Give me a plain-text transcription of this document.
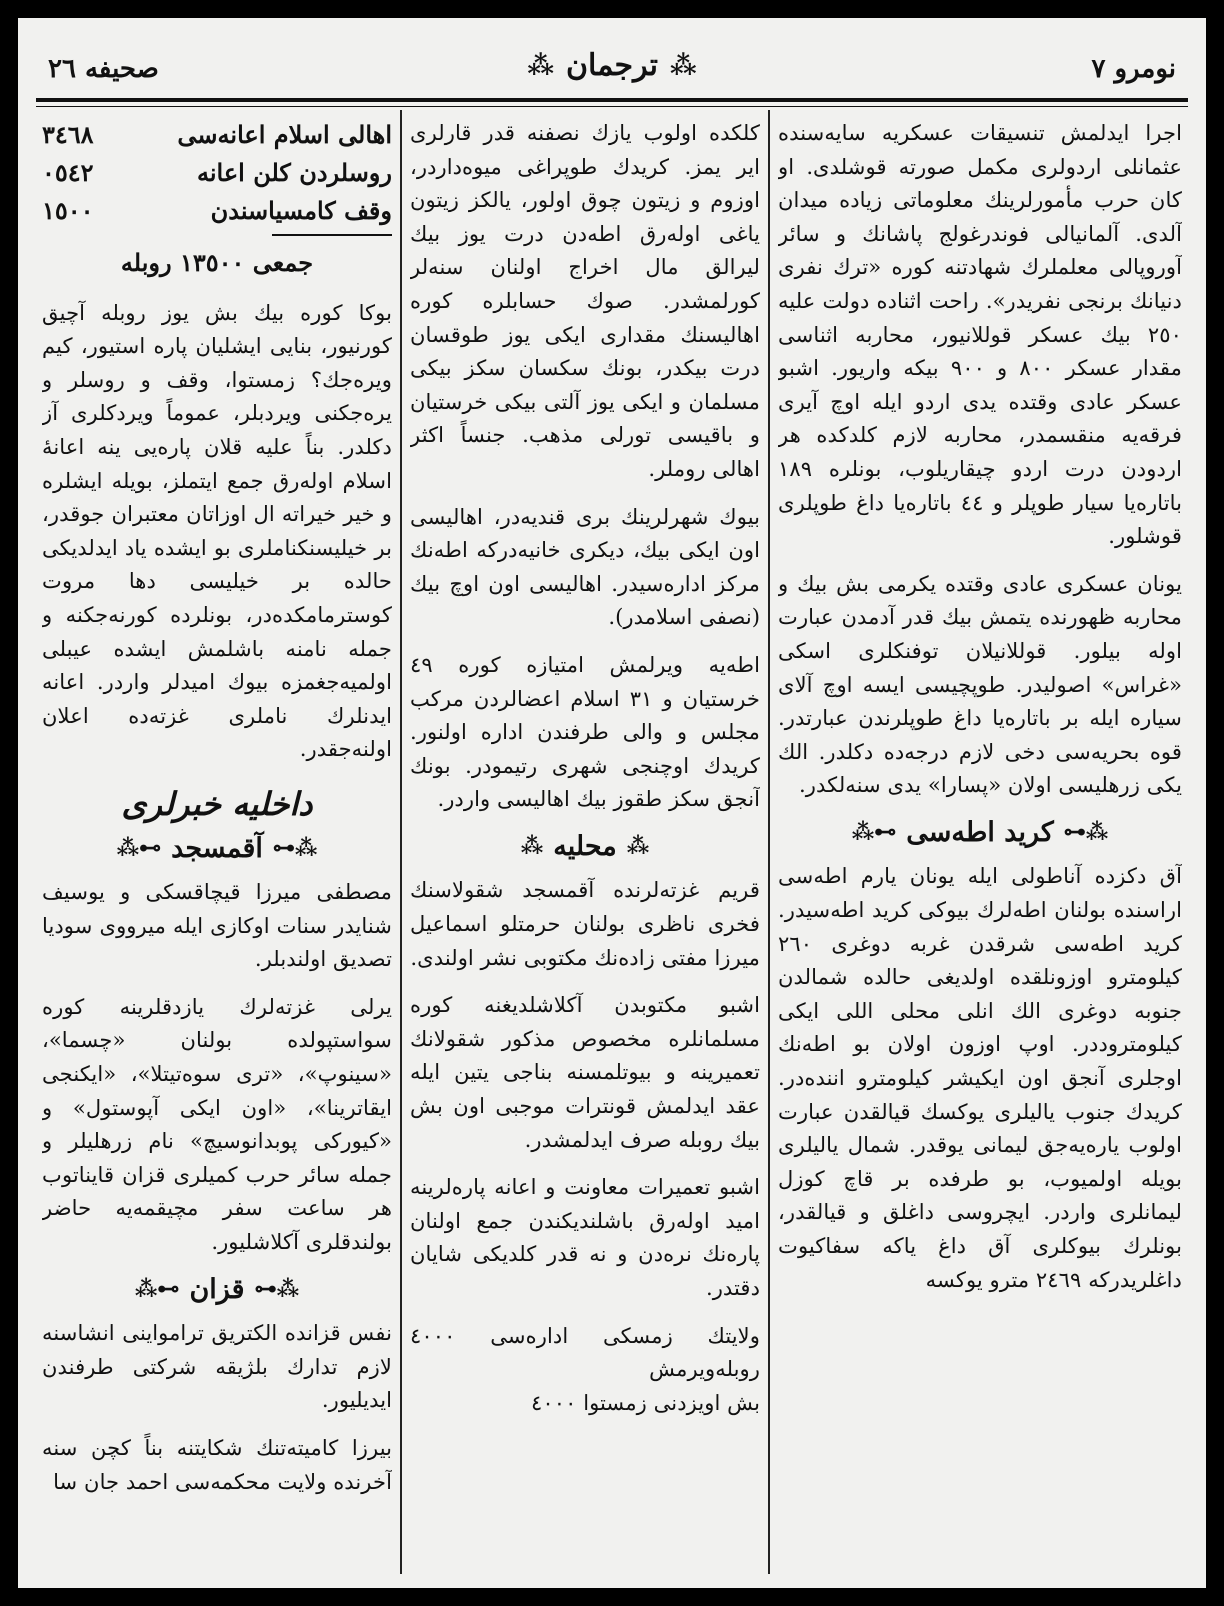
نومرو ٧
⁂
ترجمان
⁂
صحيفه ٢٦

اجرا ايدلمش تنسيقات عسكريه سايه‌سنده عثمانلى اردولرى مكمل صورته قوشلدى. او كان حرب مأمورلرينك معلوماتى زياده ميدان آلدى. آلمانيالى فوندرغولج پاشانك و سائر آوروپالى معلملرك شهادتنه كوره «ترك نفرى دنيانك برنجى نفريدر». راحت اثناده دولت عليه ٢٥٠ بيك عسكر قوللانيور، محاربه اثناسى مقدار عسكر ٨٠٠ و ٩٠٠ بيكه واريور. اشبو عسكر عادى وقتده يدى اردو ايله اوچ آيرى فرقه‌يه منقسمدر، محاربه لازم كلدكده هر اردودن درت اردو چيقاريلوب، بونلره ١٨٩ باتاره‌يا سيار طوپلر و ٤٤ باتاره‌يا داغ طوپلرى قوشلور.

يونان عسكرى عادى وقتده يكرمى بش بيك و محاربه ظهورنده يتمش بيك قدر آدمدن عبارت اوله بيلور. قوللانيلان توفنكلرى اسكى «غراس» اصوليدر. طوپچيسى ايسه اوچ آلاى سياره ايله بر باتاره‌يا داغ طوپلرندن عبارتدر. قوه بحريه‌سى دخى لازم درجه‌ده دكلدر. الك يكى زرهليسى اولان «پسارا» يدى سنه‌لكدر.

⊶⁂
كريد اطه‌سى
⁂⊷

آق دكزده آناطولى ايله يونان يارم اطه‌سى اراسنده بولنان اطه‌لرك بيوكى كريد اطه‌سيدر. كريد اطه‌سى شرقدن غربه دوغرى ٢٦٠ كيلومترو اوزونلقده اولديغى حالده شمالدن جنوبه دوغرى الك انلى محلى اللى ايكى كيلومتروددر. اوپ اوزون اولان بو اطه‌نك اوجلرى آنجق اون ايكيشر كيلومترو انندەدر. كريدك جنوب ياليلرى يوكسك قيالقدن عبارت اولوب ياره‌يه‌جق ليمانى يوقدر. شمال ياليلرى بويله اولميوب، بو طرفده بر قاچ كوزل ليمانلرى واردر. ايچروسى داغلق و قيالقدر، بونلرك بيوكلرى آق داغ ياكه سفاكيوت داغلريدركه ٢٤٦٩ مترو يوكسه

كلكده اولوب يازك نصفنه قدر قارلرى اير يمز. كريدك طوپراغى ميوه‌داردر، اوزوم و زيتون چوق اولور، يالكز زيتون ياغى اوله‌رق اطه‌دن درت يوز بيك ليرالق مال اخراج اولنان سنه‌لر كورلمشدر. صوك حسابلره كوره اهاليسنك مقدارى ايكى يوز طوقسان درت بيكدر، بونك سكسان سكز بيكى مسلمان و ايكى يوز آلتى بيكى خرستيان و باقيسى تورلى مذهب. جنساً اكثر اهالى روملر.

بيوك شهرلرينك برى قنديه‌در، اهاليسى اون ايكى بيك، ديكرى خانيه‌دركه اطه‌نك مركز اداره‌سيدر. اهاليسى اون اوچ بيك (نصفى اسلامدر).

اطه‌يه ويرلمش امتيازه كوره ٤٩ خرستيان و ٣١ اسلام اعضالردن مركب مجلس و والى طرفندن اداره اولنور. كريدك اوچنجى شهرى رتيمودر. بونك آنجق سكز طقوز بيك اهاليسى واردر.

⁂
محليه
⁂

قريم غزته‌لرنده آقمسجد شقولاسنك فخرى ناظرى بولنان حرمتلو اسماعيل ميرزا مفتى زاده‌نك مكتوبى نشر اولندى.

اشبو مكتوبدن آكلاشلديغنه كوره مسلمانلره مخصوص مذكور شقولانك تعميرينه و بيوتلمسنه بناجى يتين ايله عقد ايدلمش قونترات موجبى اون بش بيك روبله صرف ايدلمشدر.

اشبو تعميرات معاونت و اعانه پاره‌لرينه اميد اوله‌رق باشلنديكندن جمع اولنان پاره‌نك نره‌دن و نه قدر كلديكى شايان دقتدر.

ولايتك زمسكى اداره‌سى ٤٠٠٠ روبله‌ويرمش

بش اويزدنى زمستوا ٤٠٠٠

اهالى اسلام اعانه‌سى
٣٤٦٨
روسلردن كلن اعانه
٠٥٤٢
وقف كامسياسندن
١٥٠٠
جمعى ١٣٥٠٠ روبله

بوكا كوره بيك بش يوز روبله آچيق كورنيور، بنايى ايشليان پاره استيور، كيم ويره‌جك؟ زمستوا، وقف و روسلر و يره‌جكنى ويردبلر، عموماً ويردكلرى آز دكلدر. بناً عليه قلان پاره‌يى ينه اعانهٔ اسلام اوله‌رق جمع ايتملز، بويله ايشلره و خير خيراته ال اوزاتان معتبران جوقدر، بر خيليسنكناملرى بو ايشده ياد ايدلديكى حالده بر خيليسى دها مروت كوسترمامكده‌در، بونلرده كورنه‌جكنه و جمله نامنه باشلمش ايشده عيبلى اولميه‌جغمزه بيوك اميدلر واردر. اعانه ايدنلرك ناملرى غزته‌ده اعلان اولنه‌جقدر.

داخليه خبرلرى
⊶⁂
آقمسجد
⁂⊷

مصطفى ميرزا قيچاقسكى و يوسيف شنايدر سنات اوكازى ايله ميرووى سوديا تصديق اولندبلر.

يرلى غزته‌لرك يازدقلرينه كوره سواستپولده بولنان «چسما»، «سينوپ»، «ترى سوەتيتلا»، «ايكنجى ايقاترينا»، «اون ايكى آپوستول» و «كيوركى پوبدانوسيچ» نام زرهليلر و جمله سائر حرب كميلرى قزان قايناتوب هر ساعت سفر مچيقمه‌يه حاضر بولندقلرى آكلاشليور.

⊶⁂
قزان
⁂⊷

نفس قزانده الكتريق ترامواينى انشاسنه لازم تدارك بلژيقه شركتى طرفندن ايديليور.

بيرزا كاميته‌تنك شكايتنه بناً كچن سنه آخرنده ولايت محكمه‌سى احمد جان سا
